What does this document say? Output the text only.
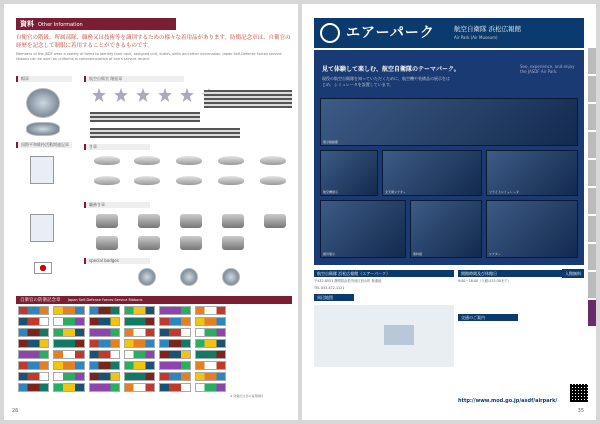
資料 Other Information
自衛官の階級、所属部隊、職務又は技術等を識別するための様々な着用品があります。防衛記念章は、自衛官の経歴を記念して制服に着用することができるものです。
Members of the JSDF wear a variety of items to identify their rank, assigned unit, duties, skills and other information. Japan Self-Defense Forces service ribbons can be worn on uniforms in commemoration of one's service record.
帽章	航空自衛官 階級章
国際平和維持活動関連記章	き章
職務き章
special badges
自衛官の防衛記念章 Japan Self-Defense Forces Service Ribbons
※ 防衛記念章の着用順序
26
エアーパーク	航空自衛隊 浜松広報館
Air Park (Air Museum)
見て体験して楽しむ、航空自衛隊のテーマパーク。
現役の航空自衛隊を知っていただくために、航空機や装備品の展示をはじめ、シミュレータを設置しています。
See, experience, and enjoy the JASDF Air Park.
展示格納庫
航空機展示	全天周シアター	フライトシミュレータ
屋外展示	資料館	シアター
航空自衛隊 浜松広報館（エアーパーク）
〒432-8551 静岡県浜松市西区西山町 無番地
TEL 053-472-1121
周辺地図
開館時間及び休館日	入館無料
9:00〜16:00（入館は15:30まで）
交通のご案内
http://www.mod.go.jp/asdf/airpark/
35
